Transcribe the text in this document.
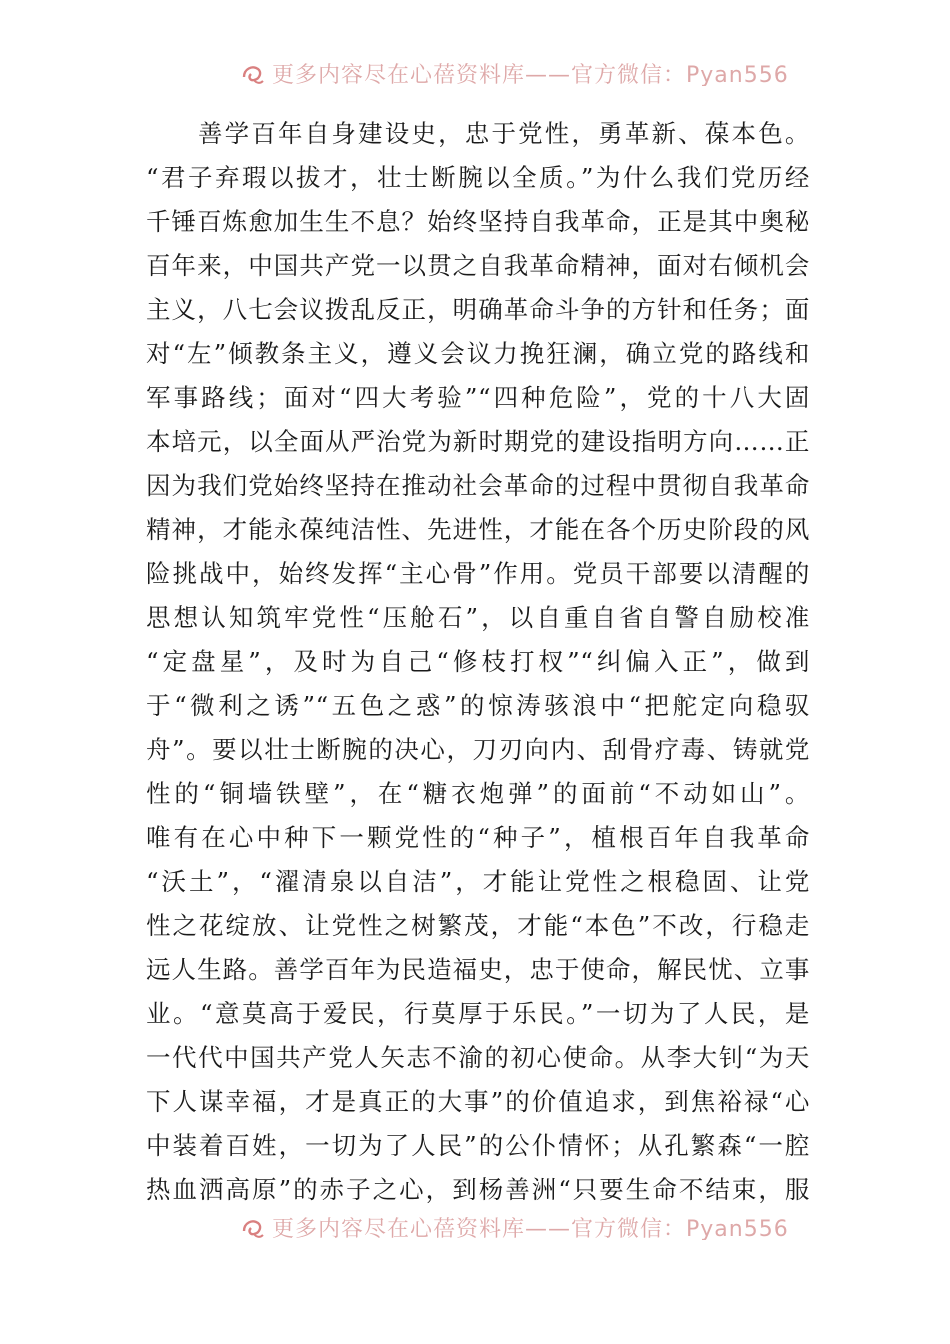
更多内容尽在心蓓资料库——官方微信：Pyan556
善学百年自身建设史，忠于党性，勇革新、葆本色。
“君子弃瑕以拔才，壮士断腕以全质。”为什么我们党历经
千锤百炼愈加生生不息？始终坚持自我革命，正是其中奥秘
百年来，中国共产党一以贯之自我革命精神，面对右倾机会
主义，八七会议拨乱反正，明确革命斗争的方针和任务；面
对“左”倾教条主义，遵义会议力挽狂澜，确立党的路线和
军事路线；面对“四大考验”“四种危险”，党的十八大固
本培元，以全面从严治党为新时期党的建设指明方向……正
因为我们党始终坚持在推动社会革命的过程中贯彻自我革命
精神，才能永葆纯洁性、先进性，才能在各个历史阶段的风
险挑战中，始终发挥“主心骨”作用。党员干部要以清醒的
思想认知筑牢党性“压舱石”，以自重自省自警自励校准
“定盘星”，及时为自己“修枝打杈”“纠偏入正”，做到
于“微利之诱”“五色之惑”的惊涛骇浪中“把舵定向稳驭
舟”。要以壮士断腕的决心，刀刃向内、刮骨疗毒、铸就党
性的“铜墙铁壁”，在“糖衣炮弹”的面前“不动如山”。
唯有在心中种下一颗党性的“种子”，植根百年自我革命
“沃土”，“濯清泉以自洁”，才能让党性之根稳固、让党
性之花绽放、让党性之树繁茂，才能“本色”不改，行稳走
远人生路。善学百年为民造福史，忠于使命，解民忧、立事
业。“意莫高于爱民，行莫厚于乐民。”一切为了人民，是
一代代中国共产党人矢志不渝的初心使命。从李大钊“为天
下人谋幸福，才是真正的大事”的价值追求，到焦裕禄“心
中装着百姓，一切为了人民”的公仆情怀；从孔繁森“一腔
热血洒高原”的赤子之心，到杨善洲“只要生命不结束，服
更多内容尽在心蓓资料库——官方微信：Pyan556
